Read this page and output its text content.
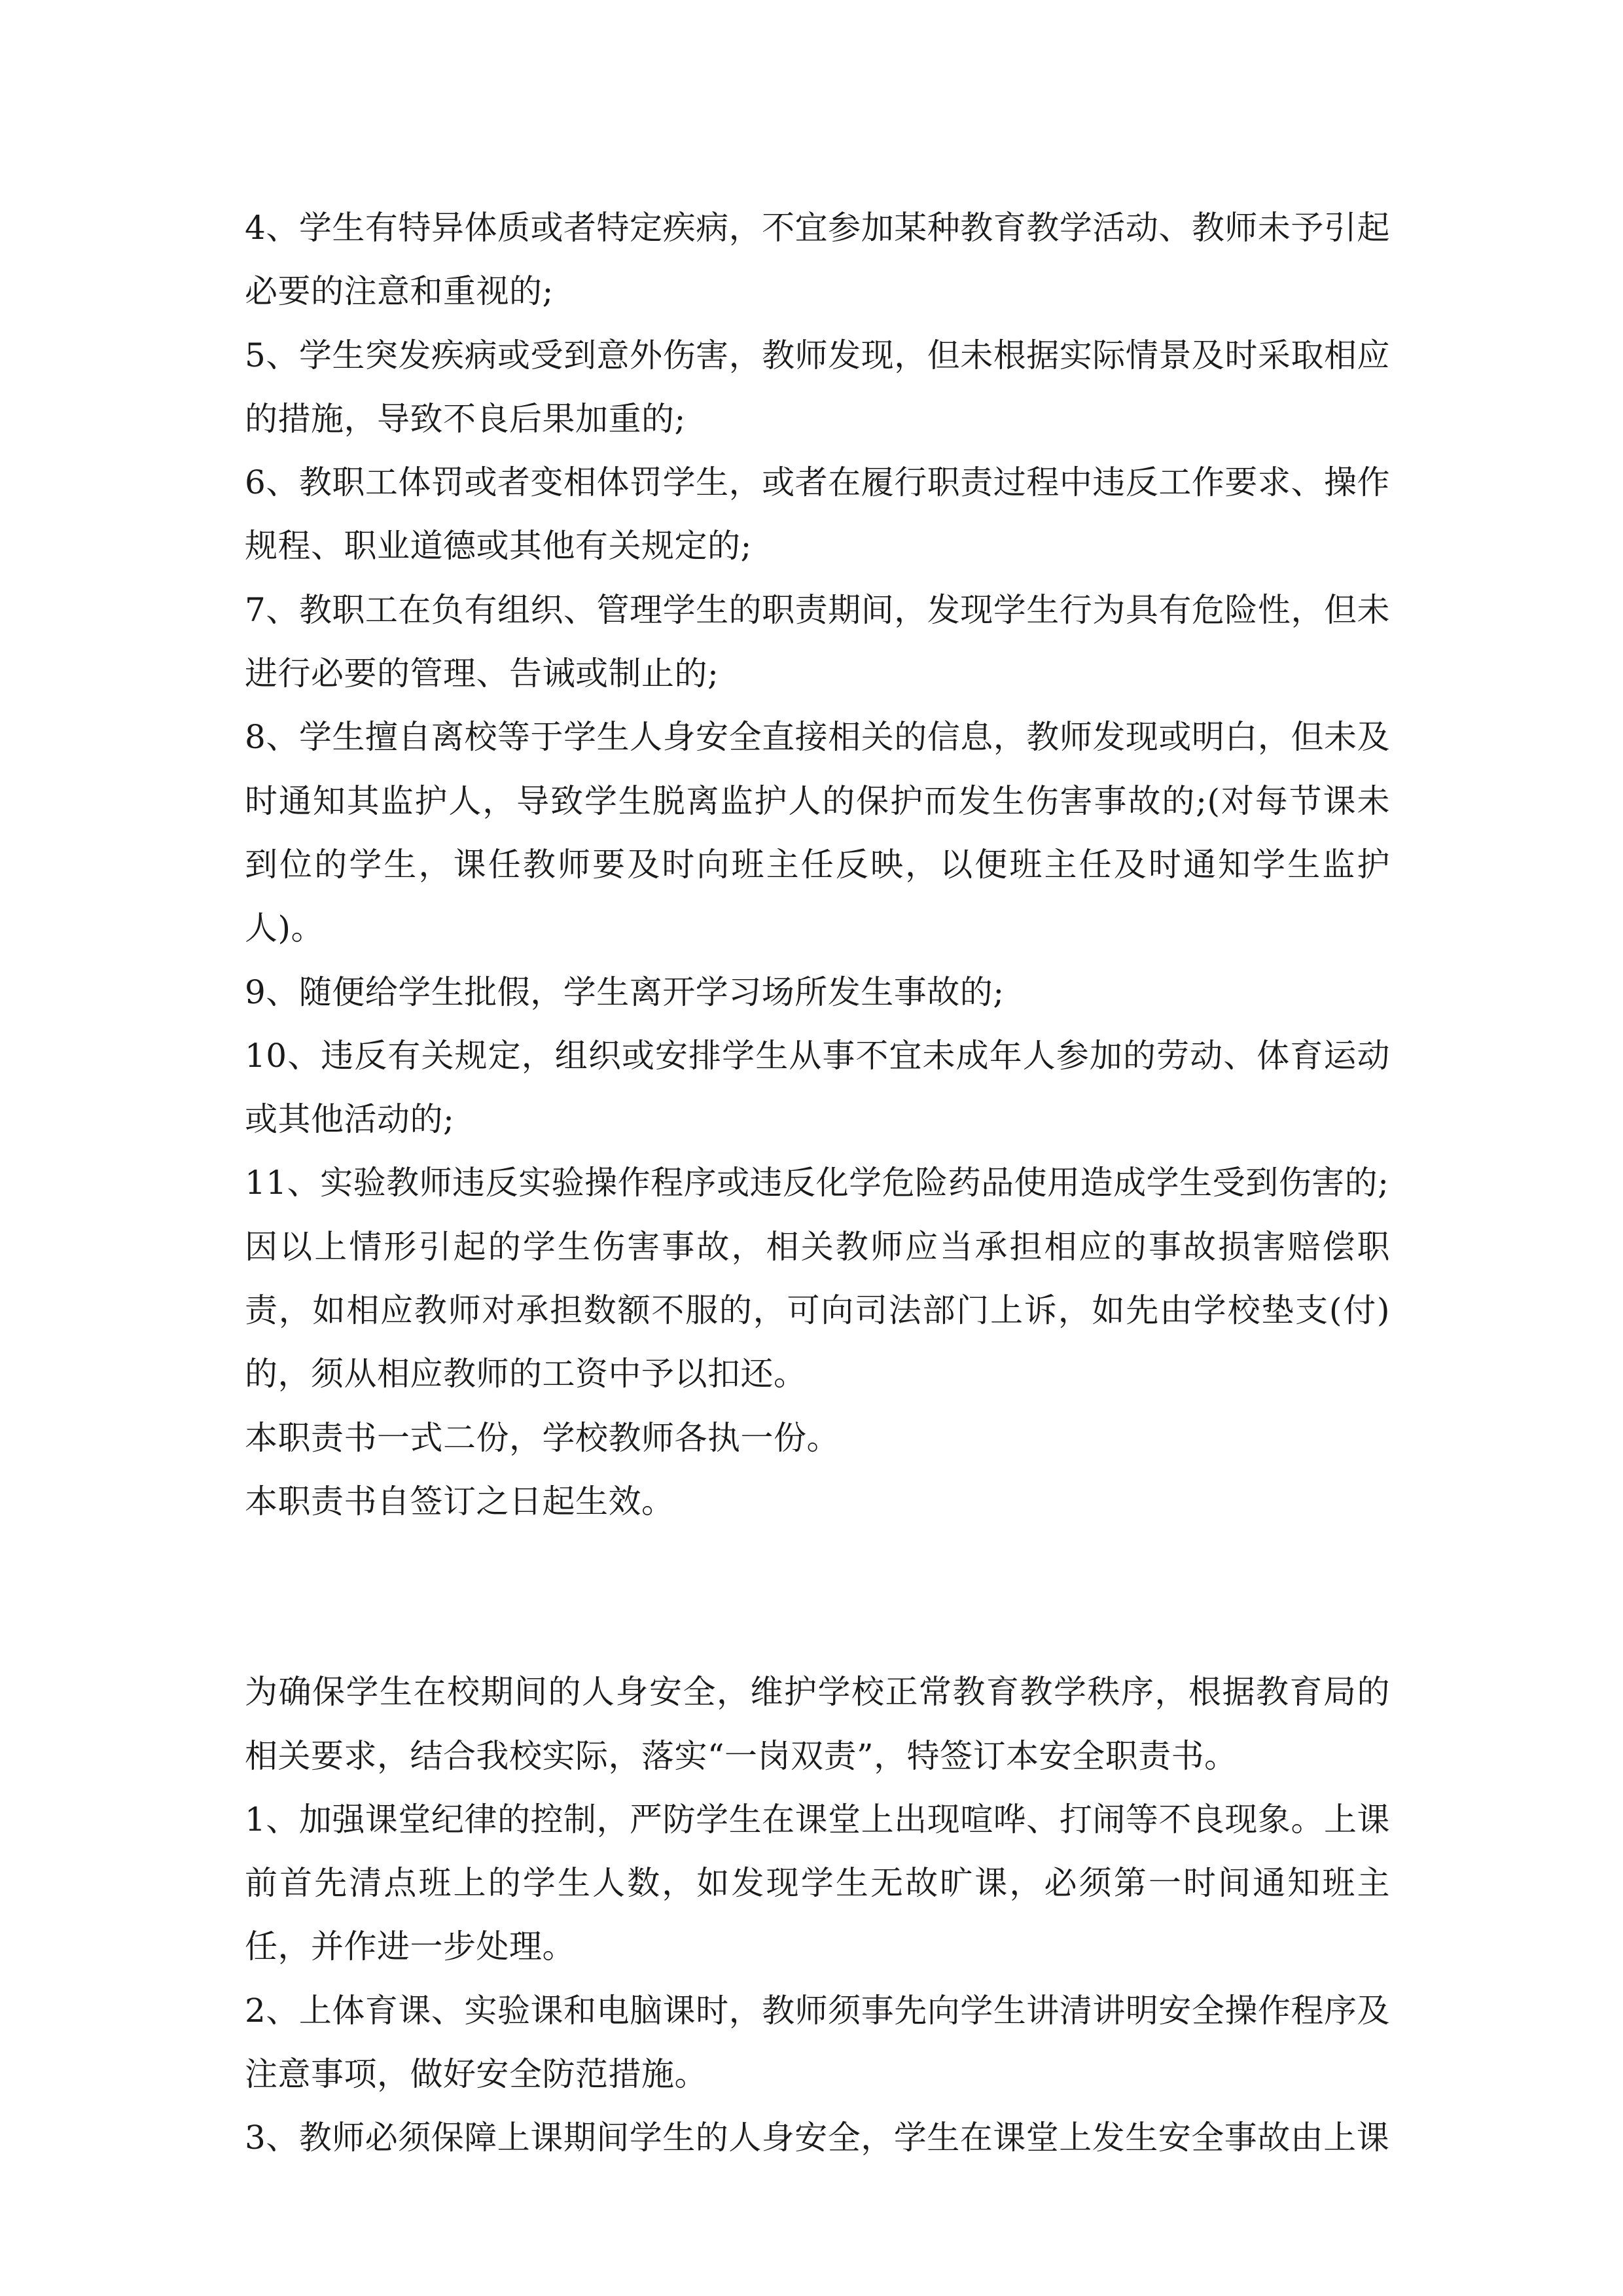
4、学生有特异体质或者特定疾病，不宜参加某种教育教学活动、教师未予引起必要的注意和重视的;

5、学生突发疾病或受到意外伤害，教师发现，但未根据实际情景及时采取相应的措施，导致不良后果加重的;

6、教职工体罚或者变相体罚学生，或者在履行职责过程中违反工作要求、操作规程、职业道德或其他有关规定的;

7、教职工在负有组织、管理学生的职责期间，发现学生行为具有危险性，但未进行必要的管理、告诫或制止的;

8、学生擅自离校等于学生人身安全直接相关的信息，教师发现或明白，但未及时通知其监护人，导致学生脱离监护人的保护而发生伤害事故的;(对每节课未到位的学生，课任教师要及时向班主任反映，以便班主任及时通知学生监护人)。

9、随便给学生批假，学生离开学习场所发生事故的;

10、违反有关规定，组织或安排学生从事不宜未成年人参加的劳动、体育运动或其他活动的;

11、实验教师违反实验操作程序或违反化学危险药品使用造成学生受到伤害的;

因以上情形引起的学生伤害事故，相关教师应当承担相应的事故损害赔偿职责，如相应教师对承担数额不服的，可向司法部门上诉，如先由学校垫支(付)的，须从相应教师的工资中予以扣还。

本职责书一式二份，学校教师各执一份。

本职责书自签订之日起生效。

为确保学生在校期间的人身安全，维护学校正常教育教学秩序，根据教育局的相关要求，结合我校实际，落实“一岗双责”，特签订本安全职责书。

1、加强课堂纪律的控制，严防学生在课堂上出现喧哗、打闹等不良现象。上课前首先清点班上的学生人数，如发现学生无故旷课，必须第一时间通知班主任，并作进一步处理。

2、上体育课、实验课和电脑课时，教师须事先向学生讲清讲明安全操作程序及注意事项，做好安全防范措施。

3、教师必须保障上课期间学生的人身安全，学生在课堂上发生安全事故由上课
